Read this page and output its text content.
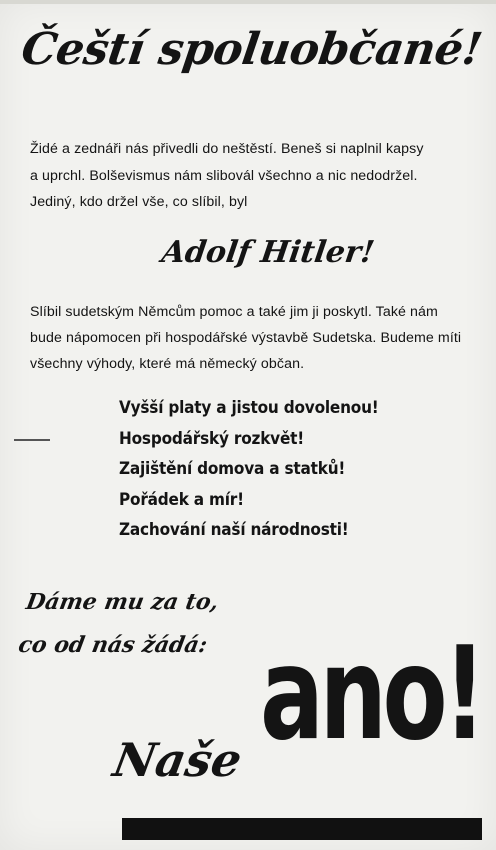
Čeští spoluobčané!

Židé a zednáři nás přivedli do neštěstí. Beneš si naplnil kapsy

a uprchl. Bolševismus nám slibovál všechno a nic nedodržel.

Jediný, kdo držel vše, co slíbil, byl

Adolf Hitler!

Slíbil sudetským Němcům pomoc a také jim ji poskytl. Také nám

bude nápomocen při hospodářské výstavbě Sudetska. Budeme míti

všechny výhody, které má německý občan.

Vyšší platy a jistou dovolenou!
Hospodářský rozkvět!
Zajištění domova a statků!
Pořádek a mír!
Zachování naší národnosti!

Dáme mu za to,

co od nás žádá: ano!
Naše
